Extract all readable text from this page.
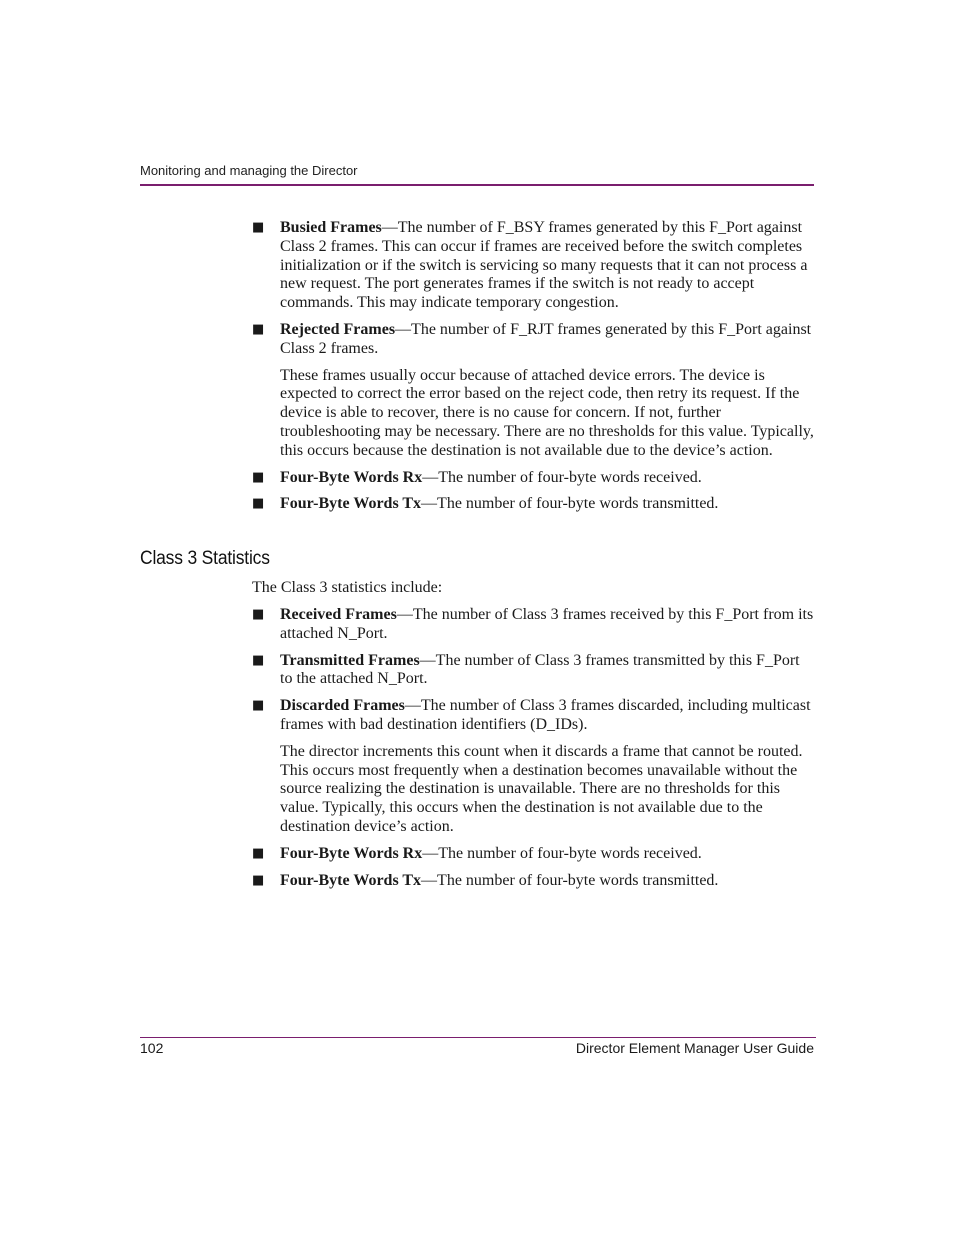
Monitoring and managing the Director
■ Busied Frames—The number of F_BSY frames generated by this F_Port against Class 2 frames. This can occur if frames are received before the switch completes initialization or if the switch is servicing so many requests that it can not process a new request. The port generates frames if the switch is not ready to accept commands. This may indicate temporary congestion.
■ Rejected Frames—The number of F_RJT frames generated by this F_Port against Class 2 frames.
These frames usually occur because of attached device errors. The device is expected to correct the error based on the reject code, then retry its request. If the device is able to recover, there is no cause for concern. If not, further troubleshooting may be necessary. There are no thresholds for this value. Typically, this occurs because the destination is not available due to the device’s action.
■ Four-Byte Words Rx—The number of four-byte words received.
■ Four-Byte Words Tx—The number of four-byte words transmitted.
Class 3 Statistics
The Class 3 statistics include:
■ Received Frames—The number of Class 3 frames received by this F_Port from its attached N_Port.
■ Transmitted Frames—The number of Class 3 frames transmitted by this F_Port to the attached N_Port.
■ Discarded Frames—The number of Class 3 frames discarded, including multicast frames with bad destination identifiers (D_IDs).
The director increments this count when it discards a frame that cannot be routed. This occurs most frequently when a destination becomes unavailable without the source realizing the destination is unavailable. There are no thresholds for this value. Typically, this occurs when the destination is not available due to the destination device’s action.
■ Four-Byte Words Rx—The number of four-byte words received.
■ Four-Byte Words Tx—The number of four-byte words transmitted.
102	Director Element Manager User Guide
